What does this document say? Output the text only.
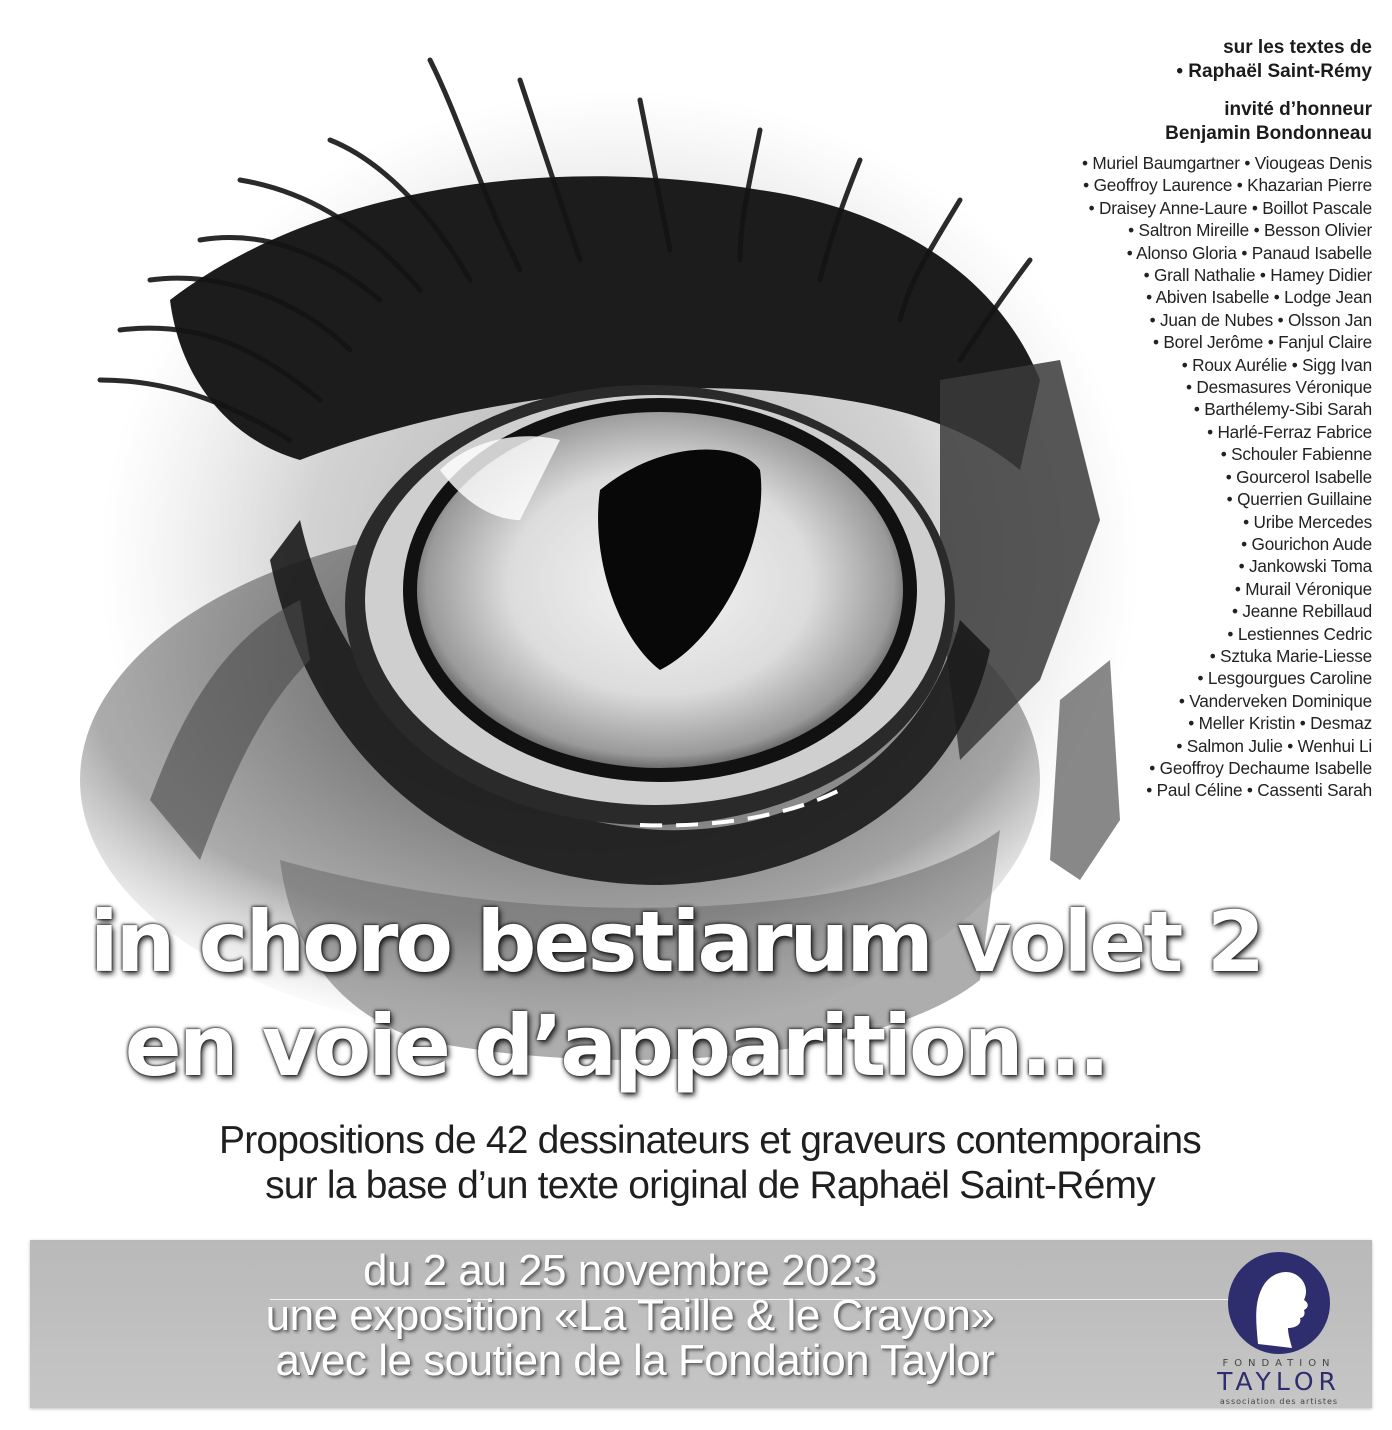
sur les textes de
• Raphaël Saint-Rémy
invité d’honneur
Benjamin Bondonneau
• Muriel Baumgartner • Viougeas Denis
• Geoffroy Laurence • Khazarian Pierre
• Draisey Anne-Laure • Boillot Pascale
• Saltron Mireille • Besson Olivier
• Alonso Gloria • Panaud Isabelle
• Grall Nathalie • Hamey Didier
• Abiven Isabelle • Lodge Jean
• Juan de Nubes • Olsson Jan
• Borel Jerôme • Fanjul Claire
• Roux Aurélie • Sigg Ivan
• Desmasures Véronique
• Barthélemy-Sibi Sarah
• Harlé-Ferraz Fabrice
• Schouler Fabienne
• Gourcerol Isabelle
• Querrien Guillaine
• Uribe Mercedes
• Gourichon Aude
• Jankowski Toma
• Murail Véronique
• Jeanne Rebillaud
• Lestiennes Cedric
• Sztuka Marie-Liesse
• Lesgourgues Caroline
• Vanderveken Dominique
• Meller Kristin • Desmaz
• Salmon Julie • Wenhui Li
• Geoffroy Dechaume Isabelle
• Paul Céline • Cassenti Sarah
in choro bestiarum volet 2
en voie d’apparition...
Propositions de 42 dessinateurs et graveurs contemporains
sur la base d’un texte original de Raphaël Saint-Rémy
du 2 au 25 novembre 2023
une exposition «La Taille & le Crayon»
avec le soutien de la Fondation Taylor	FONDATION
TAYLOR
association des artistes
